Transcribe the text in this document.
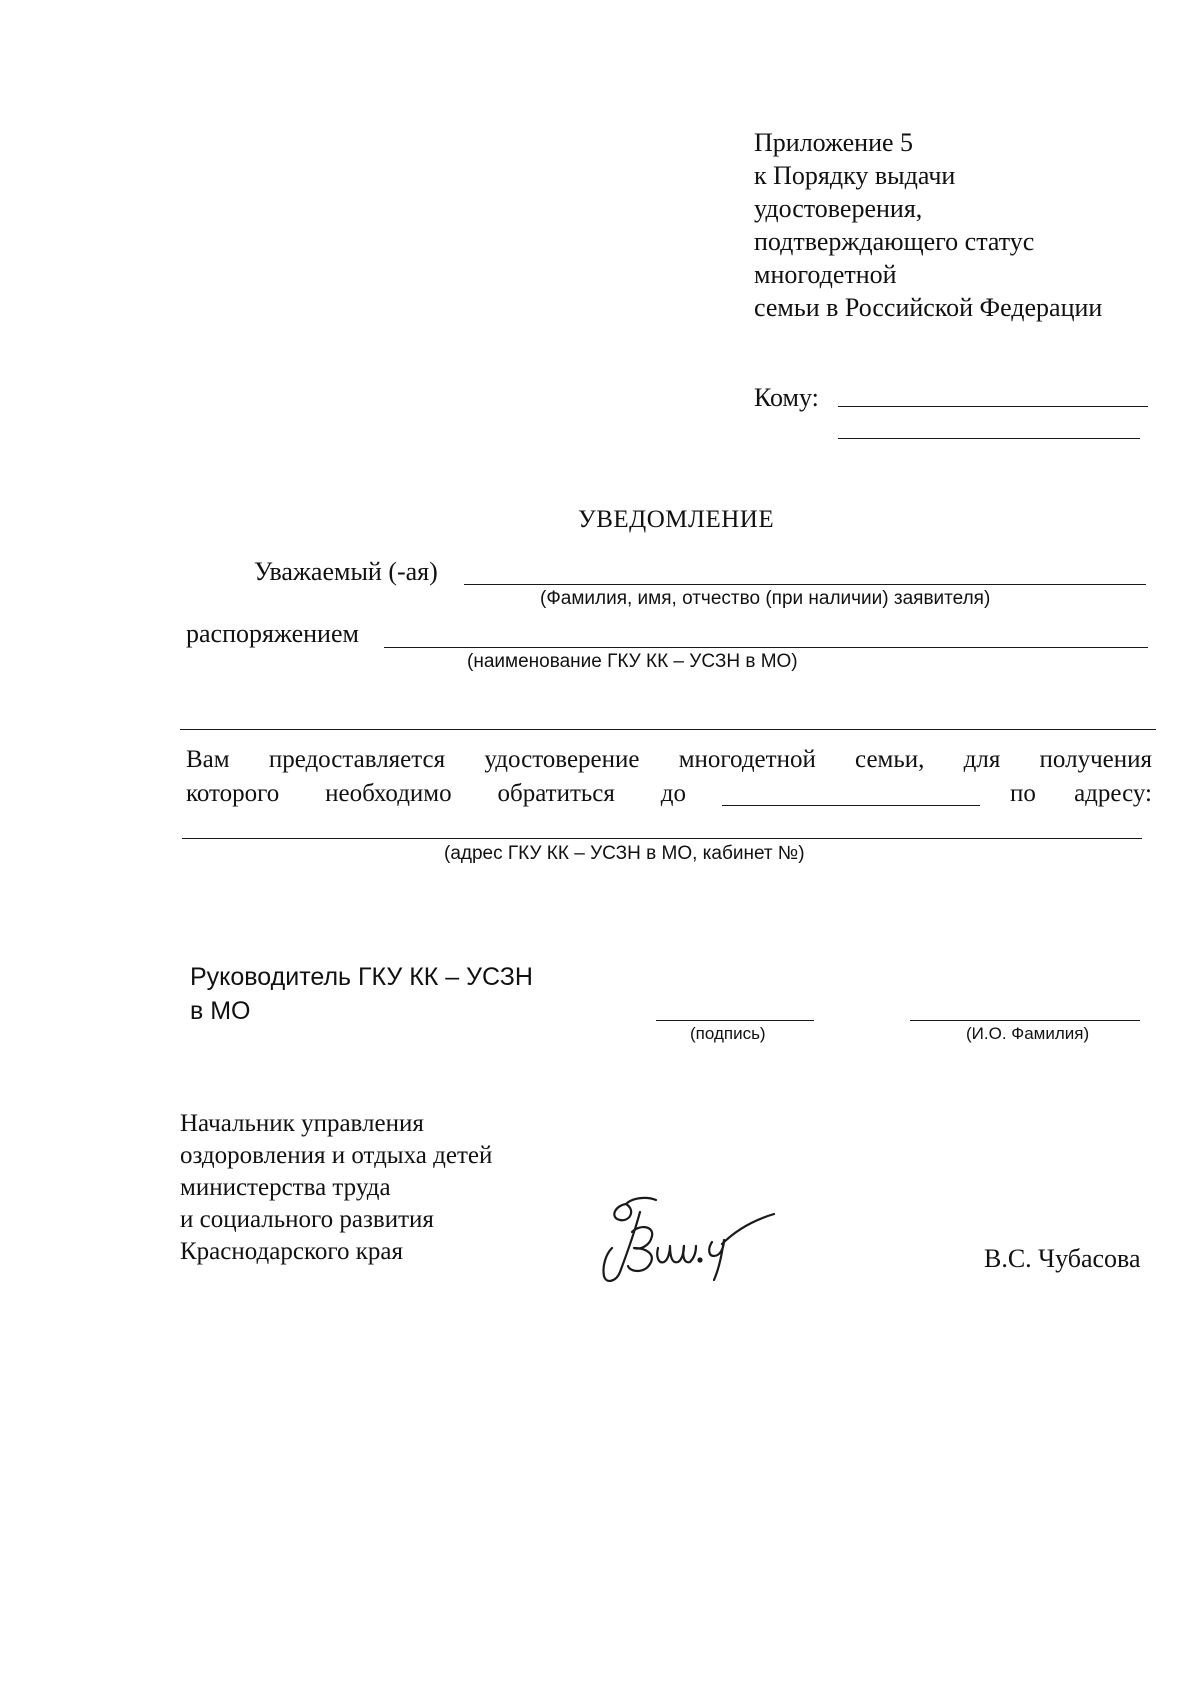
Приложение 5
к Порядку выдачи
удостоверения,
подтверждающего статус
многодетной
семьи в Российской Федерации
Кому:
УВЕДОМЛЕНИЕ
Уважаемый (-ая)
(Фамилия, имя, отчество (при наличии) заявителя)
распоряжением
(наименование ГКУ КК – УСЗН в МО)
Вам предоставляется удостоверение многодетной семьи, для получения
которого необходимо обратиться до	по адресу:
(адрес ГКУ КК – УСЗН в МО, кабинет №)
Руководитель ГКУ КК – УСЗН
в МО
(подпись)	(И.О. Фамилия)
Начальник управления
оздоровления и отдыха детей
министерства труда
и социального развития
Краснодарского края	В.С. Чубасова
